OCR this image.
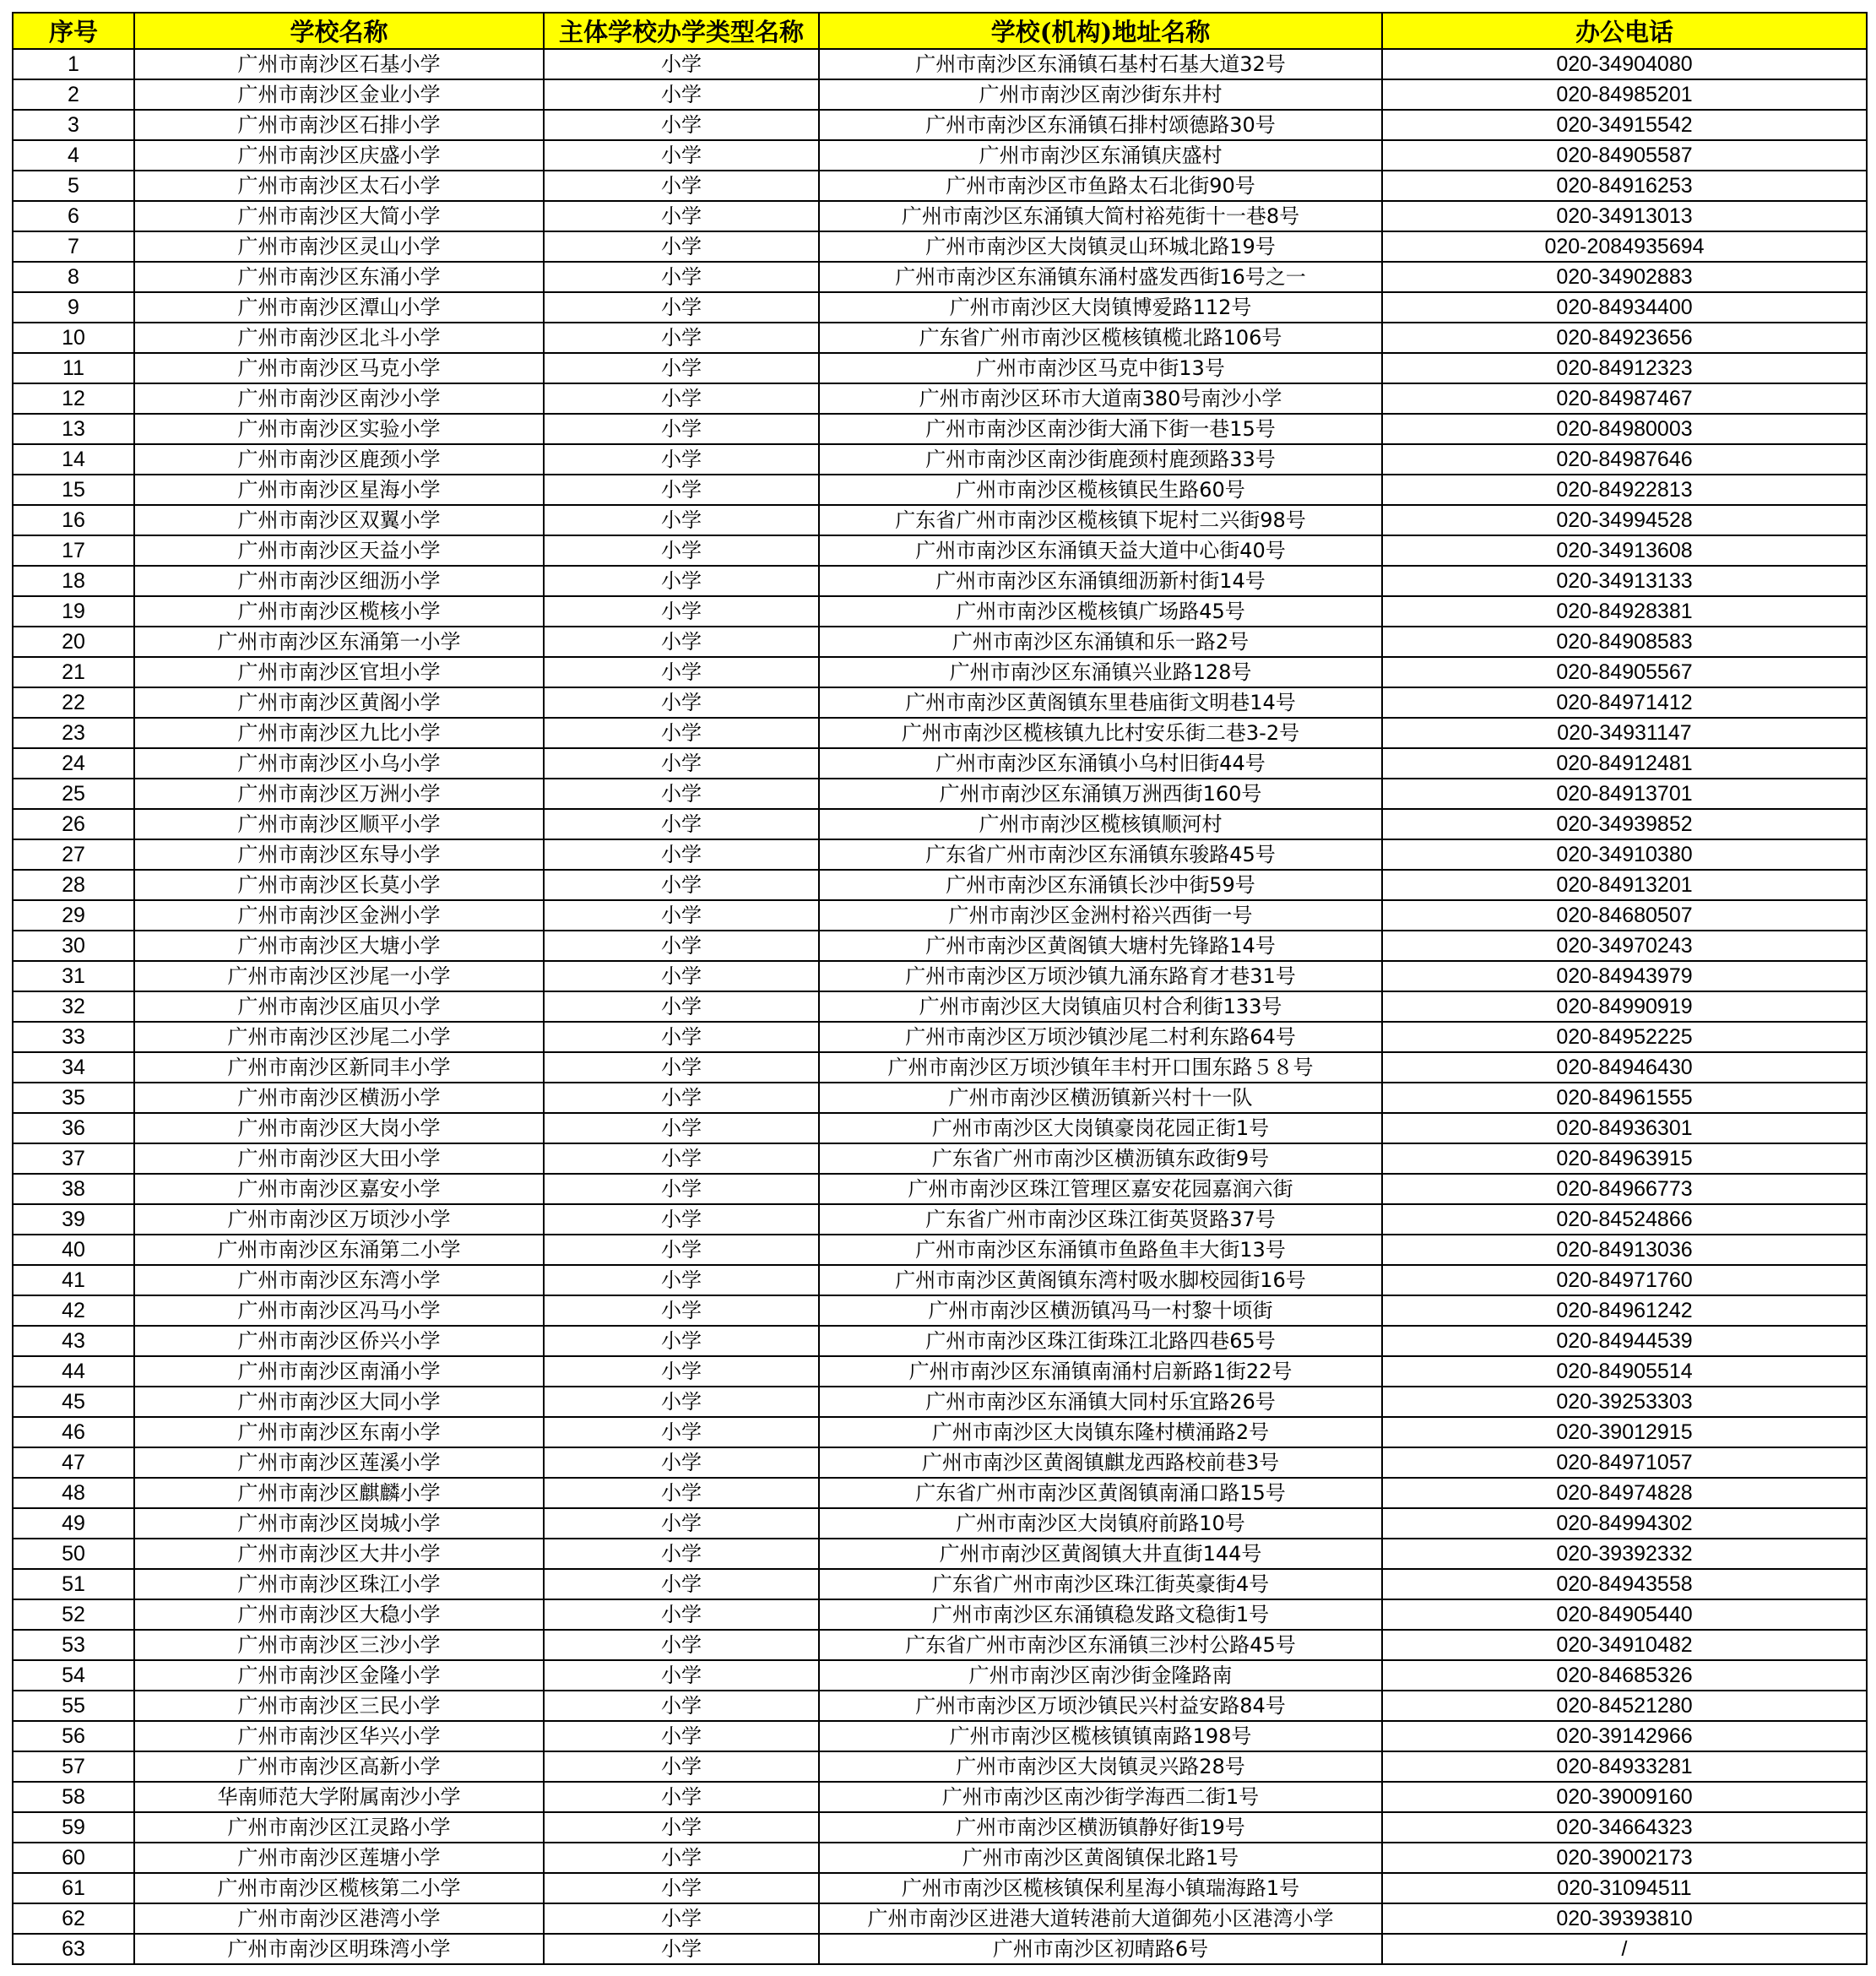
序号	学校名称	主体学校办学类型名称	学校(机构)地址名称	办公电话
1	广州市南沙区石基小学	小学	广州市南沙区东涌镇石基村石基大道32号	020-34904080
2	广州市南沙区金业小学	小学	广州市南沙区南沙街东井村	020-84985201
3	广州市南沙区石排小学	小学	广州市南沙区东涌镇石排村颂德路30号	020-34915542
4	广州市南沙区庆盛小学	小学	广州市南沙区东涌镇庆盛村	020-84905587
5	广州市南沙区太石小学	小学	广州市南沙区市鱼路太石北街90号	020-84916253
6	广州市南沙区大简小学	小学	广州市南沙区东涌镇大简村裕苑街十一巷8号	020-34913013
7	广州市南沙区灵山小学	小学	广州市南沙区大岗镇灵山环城北路19号	020-2084935694
8	广州市南沙区东涌小学	小学	广州市南沙区东涌镇东涌村盛发西街16号之一	020-34902883
9	广州市南沙区潭山小学	小学	广州市南沙区大岗镇博爱路112号	020-84934400
10	广州市南沙区北斗小学	小学	广东省广州市南沙区榄核镇榄北路106号	020-84923656
11	广州市南沙区马克小学	小学	广州市南沙区马克中街13号	020-84912323
12	广州市南沙区南沙小学	小学	广州市南沙区环市大道南380号南沙小学	020-84987467
13	广州市南沙区实验小学	小学	广州市南沙区南沙街大涌下街一巷15号	020-84980003
14	广州市南沙区鹿颈小学	小学	广州市南沙区南沙街鹿颈村鹿颈路33号	020-84987646
15	广州市南沙区星海小学	小学	广州市南沙区榄核镇民生路60号	020-84922813
16	广州市南沙区双翼小学	小学	广东省广州市南沙区榄核镇下坭村二兴街98号	020-34994528
17	广州市南沙区天益小学	小学	广州市南沙区东涌镇天益大道中心街40号	020-34913608
18	广州市南沙区细沥小学	小学	广州市南沙区东涌镇细沥新村街14号	020-34913133
19	广州市南沙区榄核小学	小学	广州市南沙区榄核镇广场路45号	020-84928381
20	广州市南沙区东涌第一小学	小学	广州市南沙区东涌镇和乐一路2号	020-84908583
21	广州市南沙区官坦小学	小学	广州市南沙区东涌镇兴业路128号	020-84905567
22	广州市南沙区黄阁小学	小学	广州市南沙区黄阁镇东里巷庙街文明巷14号	020-84971412
23	广州市南沙区九比小学	小学	广州市南沙区榄核镇九比村安乐街二巷3-2号	020-34931147
24	广州市南沙区小乌小学	小学	广州市南沙区东涌镇小乌村旧街44号	020-84912481
25	广州市南沙区万洲小学	小学	广州市南沙区东涌镇万洲西街160号	020-84913701
26	广州市南沙区顺平小学	小学	广州市南沙区榄核镇顺河村	020-34939852
27	广州市南沙区东导小学	小学	广东省广州市南沙区东涌镇东骏路45号	020-34910380
28	广州市南沙区长莫小学	小学	广州市南沙区东涌镇长沙中街59号	020-84913201
29	广州市南沙区金洲小学	小学	广州市南沙区金洲村裕兴西街一号	020-84680507
30	广州市南沙区大塘小学	小学	广州市南沙区黄阁镇大塘村先锋路14号	020-34970243
31	广州市南沙区沙尾一小学	小学	广州市南沙区万顷沙镇九涌东路育才巷31号	020-84943979
32	广州市南沙区庙贝小学	小学	广州市南沙区大岗镇庙贝村合利街133号	020-84990919
33	广州市南沙区沙尾二小学	小学	广州市南沙区万顷沙镇沙尾二村利东路64号	020-84952225
34	广州市南沙区新同丰小学	小学	广州市南沙区万顷沙镇年丰村开口围东路５８号	020-84946430
35	广州市南沙区横沥小学	小学	广州市南沙区横沥镇新兴村十一队	020-84961555
36	广州市南沙区大岗小学	小学	广州市南沙区大岗镇豪岗花园正街1号	020-84936301
37	广州市南沙区大田小学	小学	广东省广州市南沙区横沥镇东政街9号	020-84963915
38	广州市南沙区嘉安小学	小学	广州市南沙区珠江管理区嘉安花园嘉润六街	020-84966773
39	广州市南沙区万顷沙小学	小学	广东省广州市南沙区珠江街英贤路37号	020-84524866
40	广州市南沙区东涌第二小学	小学	广州市南沙区东涌镇市鱼路鱼丰大街13号	020-84913036
41	广州市南沙区东湾小学	小学	广州市南沙区黄阁镇东湾村吸水脚校园街16号	020-84971760
42	广州市南沙区冯马小学	小学	广州市南沙区横沥镇冯马一村黎十顷街	020-84961242
43	广州市南沙区侨兴小学	小学	广州市南沙区珠江街珠江北路四巷65号	020-84944539
44	广州市南沙区南涌小学	小学	广州市南沙区东涌镇南涌村启新路1街22号	020-84905514
45	广州市南沙区大同小学	小学	广州市南沙区东涌镇大同村乐宜路26号	020-39253303
46	广州市南沙区东南小学	小学	广州市南沙区大岗镇东隆村横涌路2号	020-39012915
47	广州市南沙区莲溪小学	小学	广州市南沙区黄阁镇麒龙西路校前巷3号	020-84971057
48	广州市南沙区麒麟小学	小学	广东省广州市南沙区黄阁镇南涌口路15号	020-84974828
49	广州市南沙区岗城小学	小学	广州市南沙区大岗镇府前路10号	020-84994302
50	广州市南沙区大井小学	小学	广州市南沙区黄阁镇大井直街144号	020-39392332
51	广州市南沙区珠江小学	小学	广东省广州市南沙区珠江街英豪街4号	020-84943558
52	广州市南沙区大稳小学	小学	广州市南沙区东涌镇稳发路文稳街1号	020-84905440
53	广州市南沙区三沙小学	小学	广东省广州市南沙区东涌镇三沙村公路45号	020-34910482
54	广州市南沙区金隆小学	小学	广州市南沙区南沙街金隆路南	020-84685326
55	广州市南沙区三民小学	小学	广州市南沙区万顷沙镇民兴村益安路84号	020-84521280
56	广州市南沙区华兴小学	小学	广州市南沙区榄核镇镇南路198号	020-39142966
57	广州市南沙区高新小学	小学	广州市南沙区大岗镇灵兴路28号	020-84933281
58	华南师范大学附属南沙小学	小学	广州市南沙区南沙街学海西二街1号	020-39009160
59	广州市南沙区江灵路小学	小学	广州市南沙区横沥镇静好街19号	020-34664323
60	广州市南沙区莲塘小学	小学	广州市南沙区黄阁镇保北路1号	020-39002173
61	广州市南沙区榄核第二小学	小学	广州市南沙区榄核镇保利星海小镇瑞海路1号	020-31094511
62	广州市南沙区港湾小学	小学	广州市南沙区进港大道转港前大道御苑小区港湾小学	020-39393810
63	广州市南沙区明珠湾小学	小学	广州市南沙区初晴路6号	/
